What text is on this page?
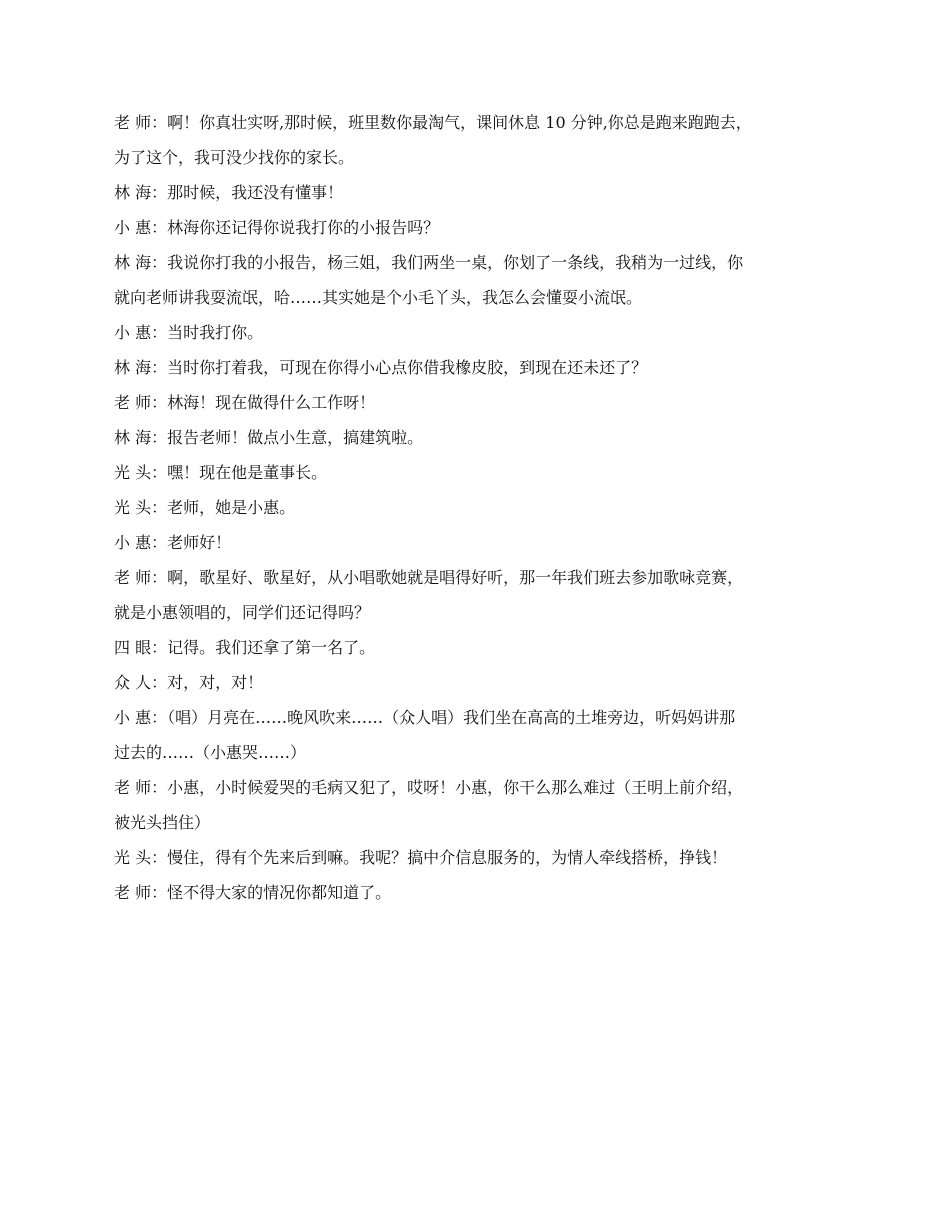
老 师：啊！你真壮实呀,那时候，班里数你最淘气，课间休息 10 分钟,你总是跑来跑跑去，

为了这个，我可没少找你的家长。

林 海：那时候，我还没有懂事！

小 惠：林海你还记得你说我打你的小报告吗？

林 海：我说你打我的小报告，杨三姐，我们两坐一桌，你划了一条线，我稍为一过线，你

就向老师讲我耍流氓，哈……其实她是个小毛丫头，我怎么会懂耍小流氓。

小 惠：当时我打你。

林 海：当时你打着我，可现在你得小心点你借我橡皮胶，到现在还未还了？

老 师：林海！现在做得什么工作呀！

林 海：报告老师！做点小生意，搞建筑啦。

光 头：嘿！现在他是董事长。

光 头：老师，她是小惠。

小 惠：老师好！

老 师：啊，歌星好、歌星好，从小唱歌她就是唱得好听，那一年我们班去参加歌咏竞赛，

就是小惠领唱的，同学们还记得吗？

四 眼：记得。我们还拿了第一名了。

众 人：对，对，对！

小 惠：（唱）月亮在……晚风吹来……（众人唱）我们坐在高高的土堆旁边，听妈妈讲那

过去的……（小惠哭……）

老 师：小惠，小时候爱哭的毛病又犯了，哎呀！小惠，你干么那么难过（王明上前介绍，

被光头挡住）

光 头：慢住，得有个先来后到嘛。我呢？搞中介信息服务的，为情人牵线搭桥，挣钱！

老 师：怪不得大家的情况你都知道了。
